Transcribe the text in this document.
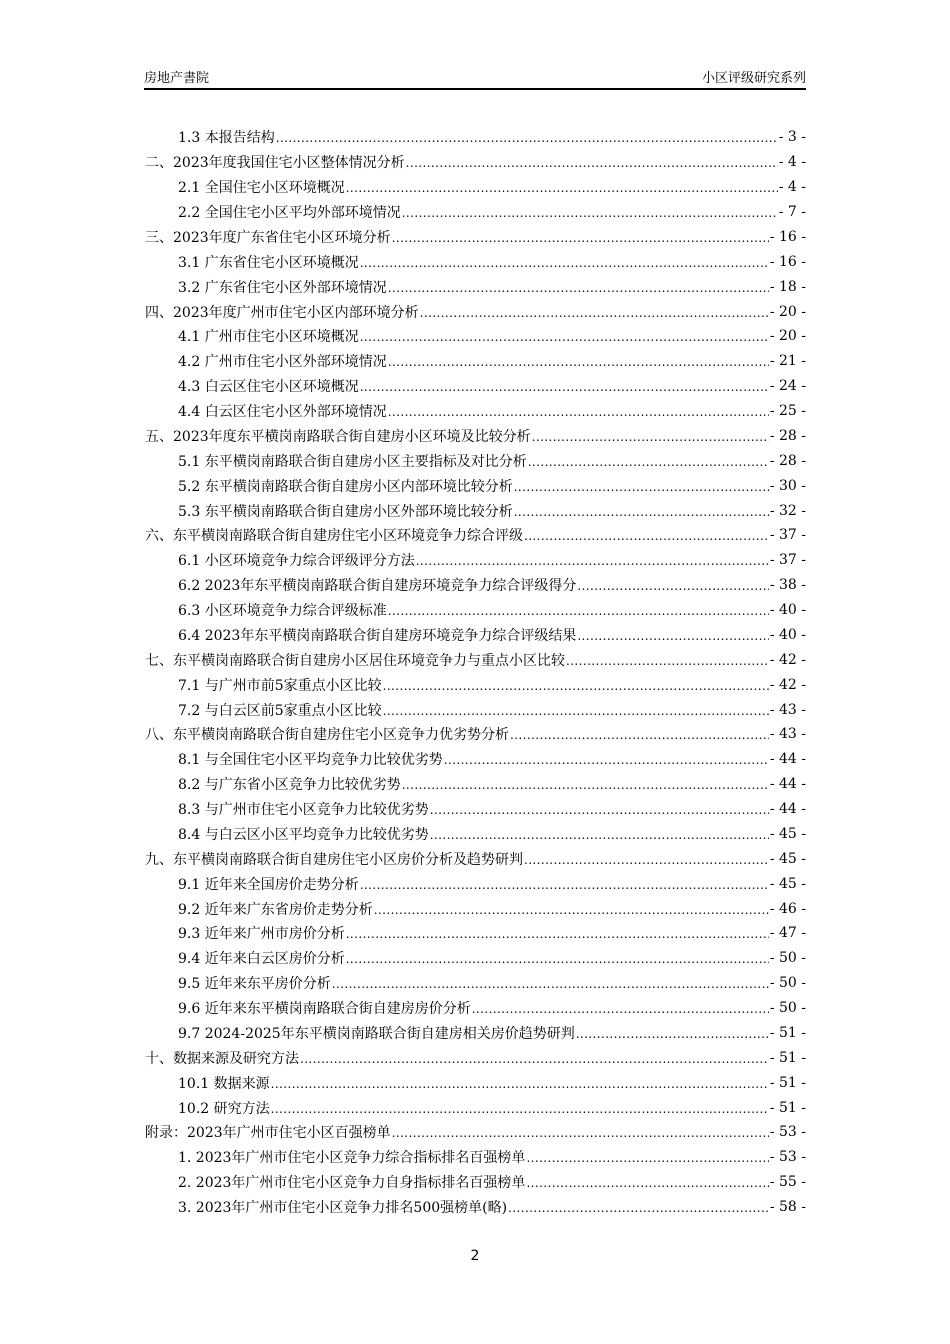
房地产書院	小区评级研究系列
1.3 本报告结构 .....	- 3 -
二、2023年度我国住宅小区整体情况分析 .....	- 4 -
2.1 全国住宅小区环境概况 .....	- 4 -
2.2 全国住宅小区平均外部环境情况 .....	- 7 -
三、2023年度广东省住宅小区环境分析 .....	- 16 -
3.1 广东省住宅小区环境概况 .....	- 16 -
3.2 广东省住宅小区外部环境情况 .....	- 18 -
四、2023年度广州市住宅小区内部环境分析 .....	- 20 -
4.1 广州市住宅小区环境概况 .....	- 20 -
4.2 广州市住宅小区外部环境情况 .....	- 21 -
4.3 白云区住宅小区环境概况 .....	- 24 -
4.4 白云区住宅小区外部环境情况 .....	- 25 -
五、2023年度东平横岗南路联合街自建房小区环境及比较分析 .....	- 28 -
5.1 东平横岗南路联合街自建房小区主要指标及对比分析 .....	- 28 -
5.2 东平横岗南路联合街自建房小区内部环境比较分析 .....	- 30 -
5.3 东平横岗南路联合街自建房小区外部环境比较分析 .....	- 32 -
六、东平横岗南路联合街自建房住宅小区环境竞争力综合评级 .....	- 37 -
6.1 小区环境竞争力综合评级评分方法 .....	- 37 -
6.2 2023年东平横岗南路联合街自建房环境竞争力综合评级得分 .....	- 38 -
6.3 小区环境竞争力综合评级标准 .....	- 40 -
6.4 2023年东平横岗南路联合街自建房环境竞争力综合评级结果 .....	- 40 -
七、东平横岗南路联合街自建房小区居住环境竞争力与重点小区比较 .....	- 42 -
7.1 与广州市前5家重点小区比较 .....	- 42 -
7.2 与白云区前5家重点小区比较 .....	- 43 -
八、东平横岗南路联合街自建房住宅小区竞争力优劣势分析 .....	- 43 -
8.1 与全国住宅小区平均竞争力比较优劣势 .....	- 44 -
8.2 与广东省小区竞争力比较优劣势 .....	- 44 -
8.3 与广州市住宅小区竞争力比较优劣势 .....	- 44 -
8.4 与白云区小区平均竞争力比较优劣势 .....	- 45 -
九、东平横岗南路联合街自建房住宅小区房价分析及趋势研判 .....	- 45 -
9.1 近年来全国房价走势分析 .....	- 45 -
9.2 近年来广东省房价走势分析 .....	- 46 -
9.3 近年来广州市房价分析 .....	- 47 -
9.4 近年来白云区房价分析 .....	- 50 -
9.5 近年来东平房价分析 .....	- 50 -
9.6 近年来东平横岗南路联合街自建房房价分析 .....	- 50 -
9.7 2024-2025年东平横岗南路联合街自建房相关房价趋势研判 .....	- 51 -
十、数据来源及研究方法 .....	- 51 -
10.1 数据来源 .....	- 51 -
10.2 研究方法 .....	- 51 -
附录：2023年广州市住宅小区百强榜单 .....	- 53 -
1. 2023年广州市住宅小区竞争力综合指标排名百强榜单 .....	- 53 -
2. 2023年广州市住宅小区竞争力自身指标排名百强榜单 .....	- 55 -
3. 2023年广州市住宅小区竞争力排名500强榜单(略) .....	- 58 -
2
